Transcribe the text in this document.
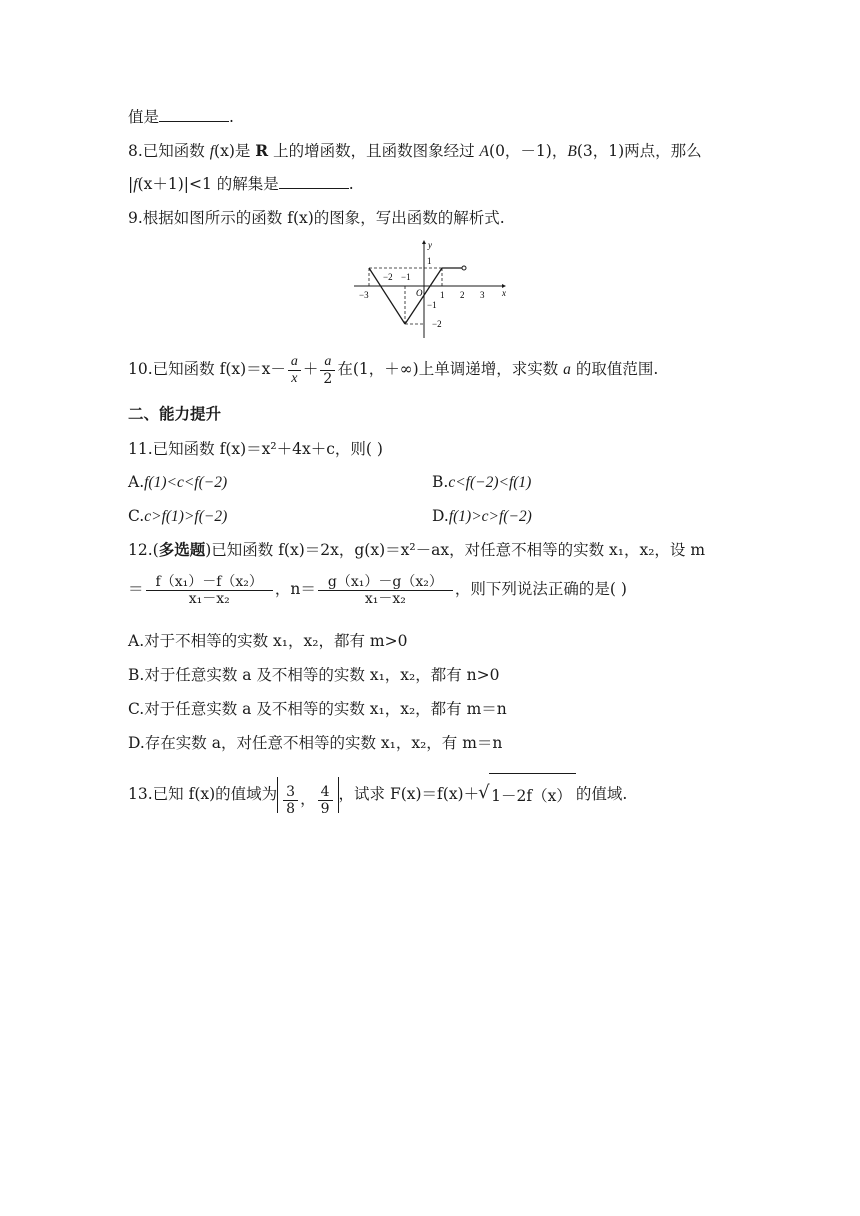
值是	.
8.已知函数 f(x)是 R 上的增函数，且函数图象经过 A(0，－1)，B(3，1)两点，那么
|f(x＋1)|<1 的解集是	.
9.根据如图所示的函数 f(x)的图象，写出函数的解析式.
y
x
O
−3
−2 −1
1 2 3
1
−1
−2
10.已知函数 $f(x)=x- \frac{a}{x} + \frac{a}{2}$ 在(1，＋∞)上单调递增，求实数 a 的取值范围.
二、能力提升
11.已知函数 f(x)＝x²＋4x＋c，则( )
A.f(1)<c<f(−2)	B.c<f(−2)<f(1)
C.c>f(1)>f(−2)	D.f(1)>c>f(−2)
12.(多选题)已知函数 f(x)＝2x，g(x)＝x²－ax，对任意不相等的实数 x₁，x₂，设 m
＝ $\frac{\text{f（x₁）－f（x₂）}}{\text{x₁－x₂}}$ ，$n= \frac{\text{g（x₁）－g（x₂）}}{\text{x₁－x₂}}$ ，则下列说法正确的是( )
A.对于不相等的实数 x₁，x₂，都有 m>0
B.对于任意实数 a 及不相等的实数 x₁，x₂，都有 n>0
C.对于任意实数 a 及不相等的实数 x₁，x₂，都有 m＝n
D.存在实数 a，对任意不相等的实数 x₁，x₂，有 m＝n
13.已知 f(x)的值域为 $\frac{3}{8}$ ， $\frac{4}{9}$ ，试求 F(x)＝f(x)＋√ 1－2f（x） 的值域.
